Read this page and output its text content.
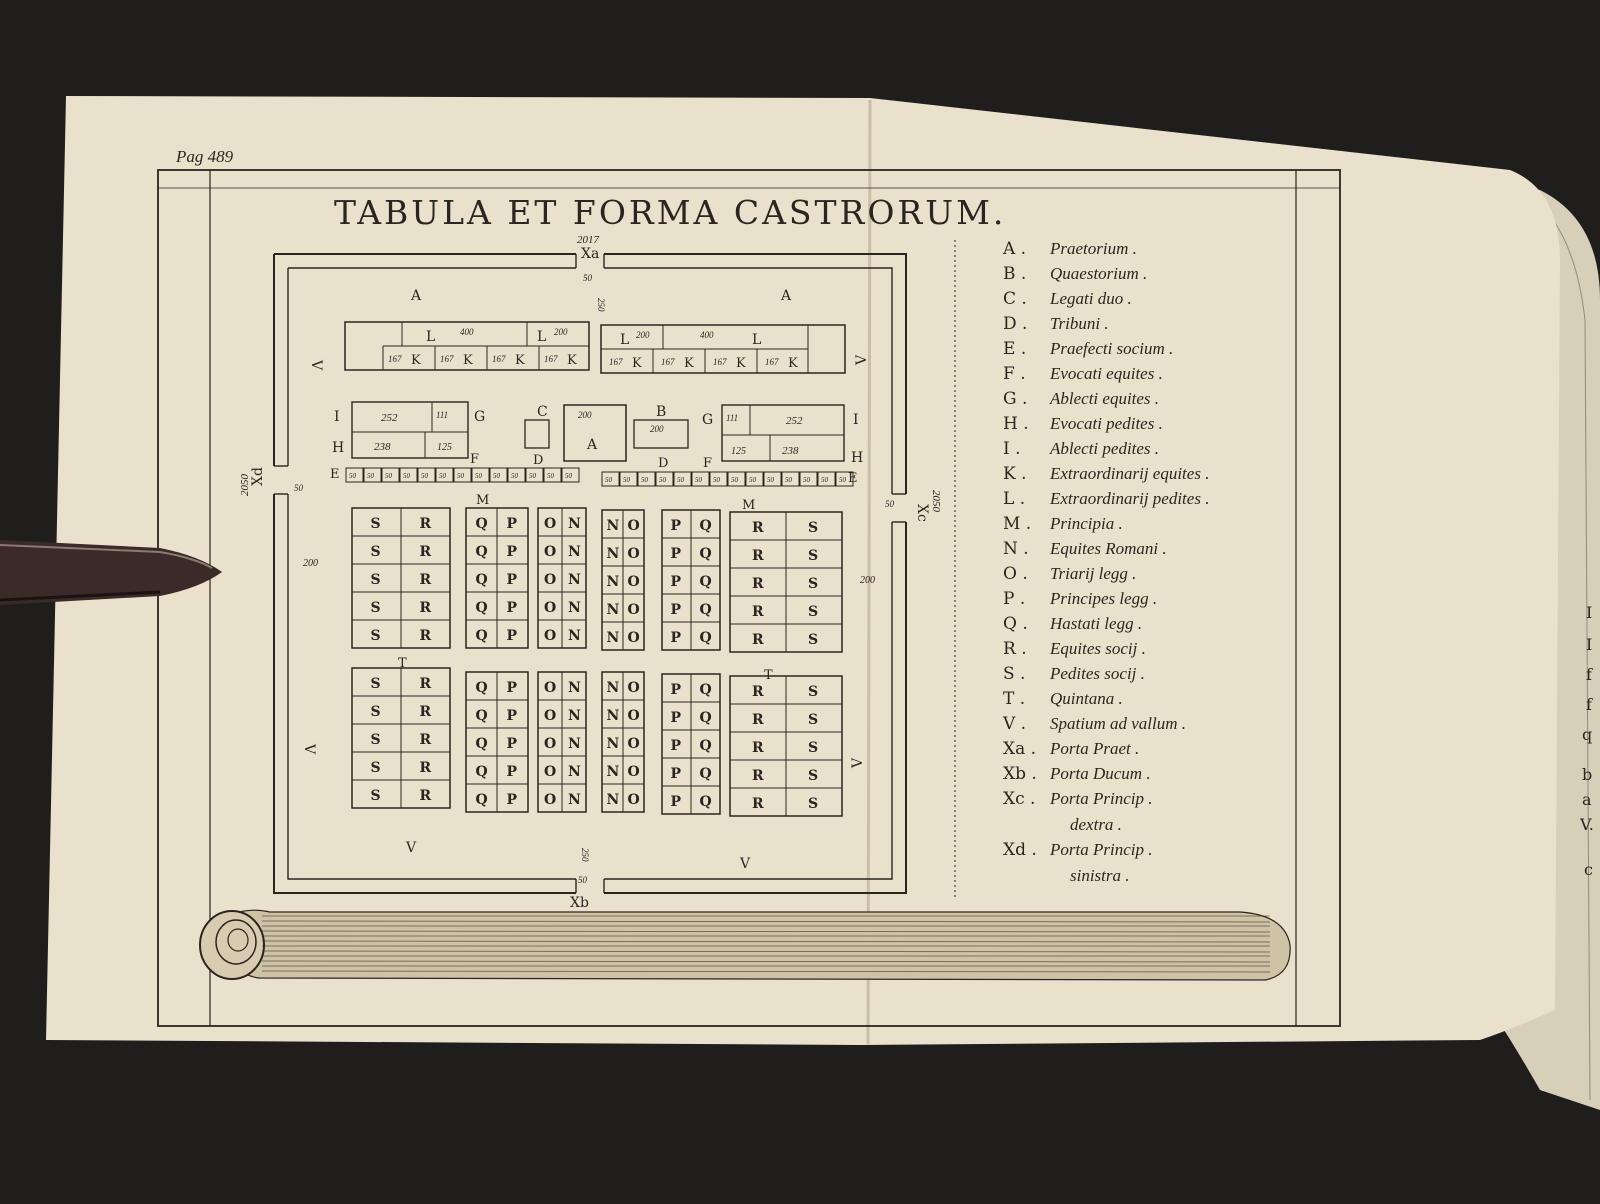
Pag 489
TABULA ET FORMA CASTRORUM.
2017
Xa
50
250
50
Xb
250
Xd
2050	50
Xc
2050
50
A	A
V
V
V
V
V
V
200
200
L	400	L 200
167 K 167 K 167 K 167 K
L 200	400	L
167 K 167 K 167 K 167 K
I	252	111 G
H	238	125
G 111	252	I
125	238	H
A
200
C	B
200
D	D
F	F
E	E
50 50 50 50 50 50 50 50 50 50 50 50 50	50 50 50 50 50 50 50 50 50 50 50 50 50 50
M	M
T
T
S	R
S	R
S	R
S	R
S	R
Q P
Q P
Q P
Q P
Q P
O N
O N
O N
O N
O N
N O
N O
N O
N O
N O
P Q
P Q
P Q
P Q
P Q
R	S
R	S
R	S
R	S
R	S
S	R
S	R
S	R
S	R
S	R
Q P
Q P
Q P
Q P
Q P
O N
O N
O N
O N
O N
N O
N O
N O
N O
N O
P Q
P Q
P Q
P Q
P Q
R	S
R	S
R	S
R	S
R	S
A . Praetorium .
B . Quaestorium .
C . Legati duo .
D . Tribuni .
E . Praefecti socium .
F . Evocati equites .
G . Ablecti equites .
H . Evocati pedites .
I . Ablecti pedites .
K . Extraordinarij equites .
L . Extraordinarij pedites .
M . Principia .
N . Equites Romani .
O . Triarij legg .
P . Principes legg .
Q . Hastati legg .
R . Equites socij .
S . Pedites socij .
T . Quintana .
V . Spatium ad vallum .
Xa . Porta Praet .
Xb . Porta Ducum .
Xc . Porta Princip .
dextra .
Xd . Porta Princip .
sinistra .
I
I
f
f
q
b
a
V.
c
